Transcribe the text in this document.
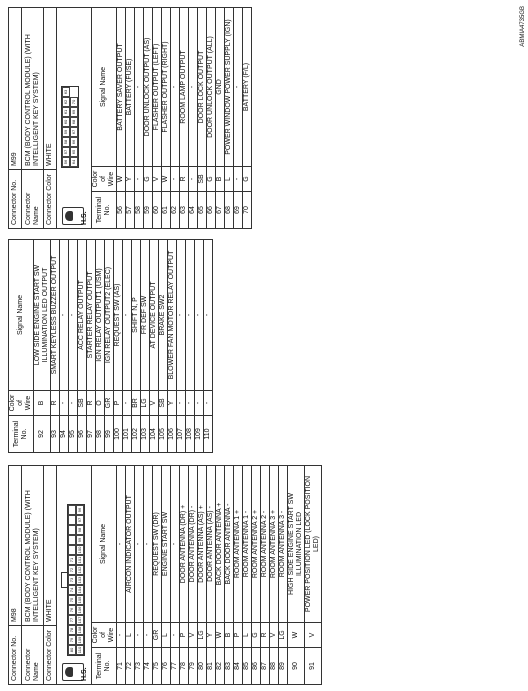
Connector No.	M98
Connector Name	BCM (BODY CONTROL MODULE) (WITH INTELLIGENT KEY SYSTEM)
Connector Color	WHITE
H.S.
80
79
78
77
76
75
74
73
72
71
110
109
108
107
106
105
104
103
102
101
100
99
98
97
96
Terminal No.	Color of Wire	Signal Name
71	-	-
72	L	AIRCON INDICATOR OUTPUT
73	-	-
74	-	-
75	GR	REQUEST SW (DR)
76	L	ENGINE START SW
77	-	-
78	P	DOOR ANTENNA (DR) +
79	V	DOOR ANTENNA (DR) -
80	LG	DOOR ANTENNA (AS) +
81	Y	DOOR ANTENNA (AS) -
82	W	BACK DOOR ANTENNA +
83	B	BACK DOOR ANTENNA -
84	P	ROOM ANTENNA 1 +
85	L	ROOM ANTENNA 1 -
86	G	ROOM ANTENNA 2 +
87	R	ROOM ANTENNA 2 -
88	V	ROOM ANTENNA 3 +
89	LG	ROOM ANTENNA 3 -
90	W	HIGH SIDE ENGINE START SW ILLUMINATION LED
91	V	POWER POSITION LED (LOCK POSITION LED)
Terminal No.	Color of Wire	Signal Name
92	B	LOW SIDE ENGINE START SW ILLUMINATION LED OUTPUT
93	R	SMART KEYLESS BUZZER OUTPUT
94	-	-
95	-	-
96	SB	ACC RELAY OUTPUT
97	R	STARTER RELAY OUTPUT
98	O	IGN RELAY OUTPUT1 (USM)
99	GR	IGN RELAY OUTPUT2 (ELEC)
100	P	REQUEST SW (AS)
101	-	-
102	BR	SHIFT N, P
103	LG	FR DEF SW
104	V	AT DEVICE OUTPUT
105	SB	BRAKE SW2
106	Y	BLOWER FAN MOTOR RELAY OUTPUT
107	-	-
108	-	-
109	-	-
110	-	-
Connector No.	M99
Connector Name	BCM (BODY CONTROL MODULE) (WITH INTELLIGENT KEY SYSTEM)
Connector Color	WHITE
H.S.
56
57
58
59
60
61
62
63
64
65
66
67
68
69
70
Terminal No.	Color of Wire	Signal Name
56	W	BATTERY SAVER OUTPUT
57	Y	BATTERY (FUSE)
58	-	-
59	G	DOOR UNLOCK OUTPUT (AS)
60	V	FLASHER OUTPUT (LEFT)
61	W	FLASHER OUTPUT (RIGHT)
62	-	-
63	R	ROOM LAMP OUTPUT
64	-	-
65	SB	DOOR LOCK OUTPUT
66	G	DOOR UNLOCK OUTPUT (ALL)
67	B	GND
68	L	POWER WINDOW POWER SUPPLY (IGN)
69	-	-
70	G	BATTERY (F/L)
ABMIA4735GB
